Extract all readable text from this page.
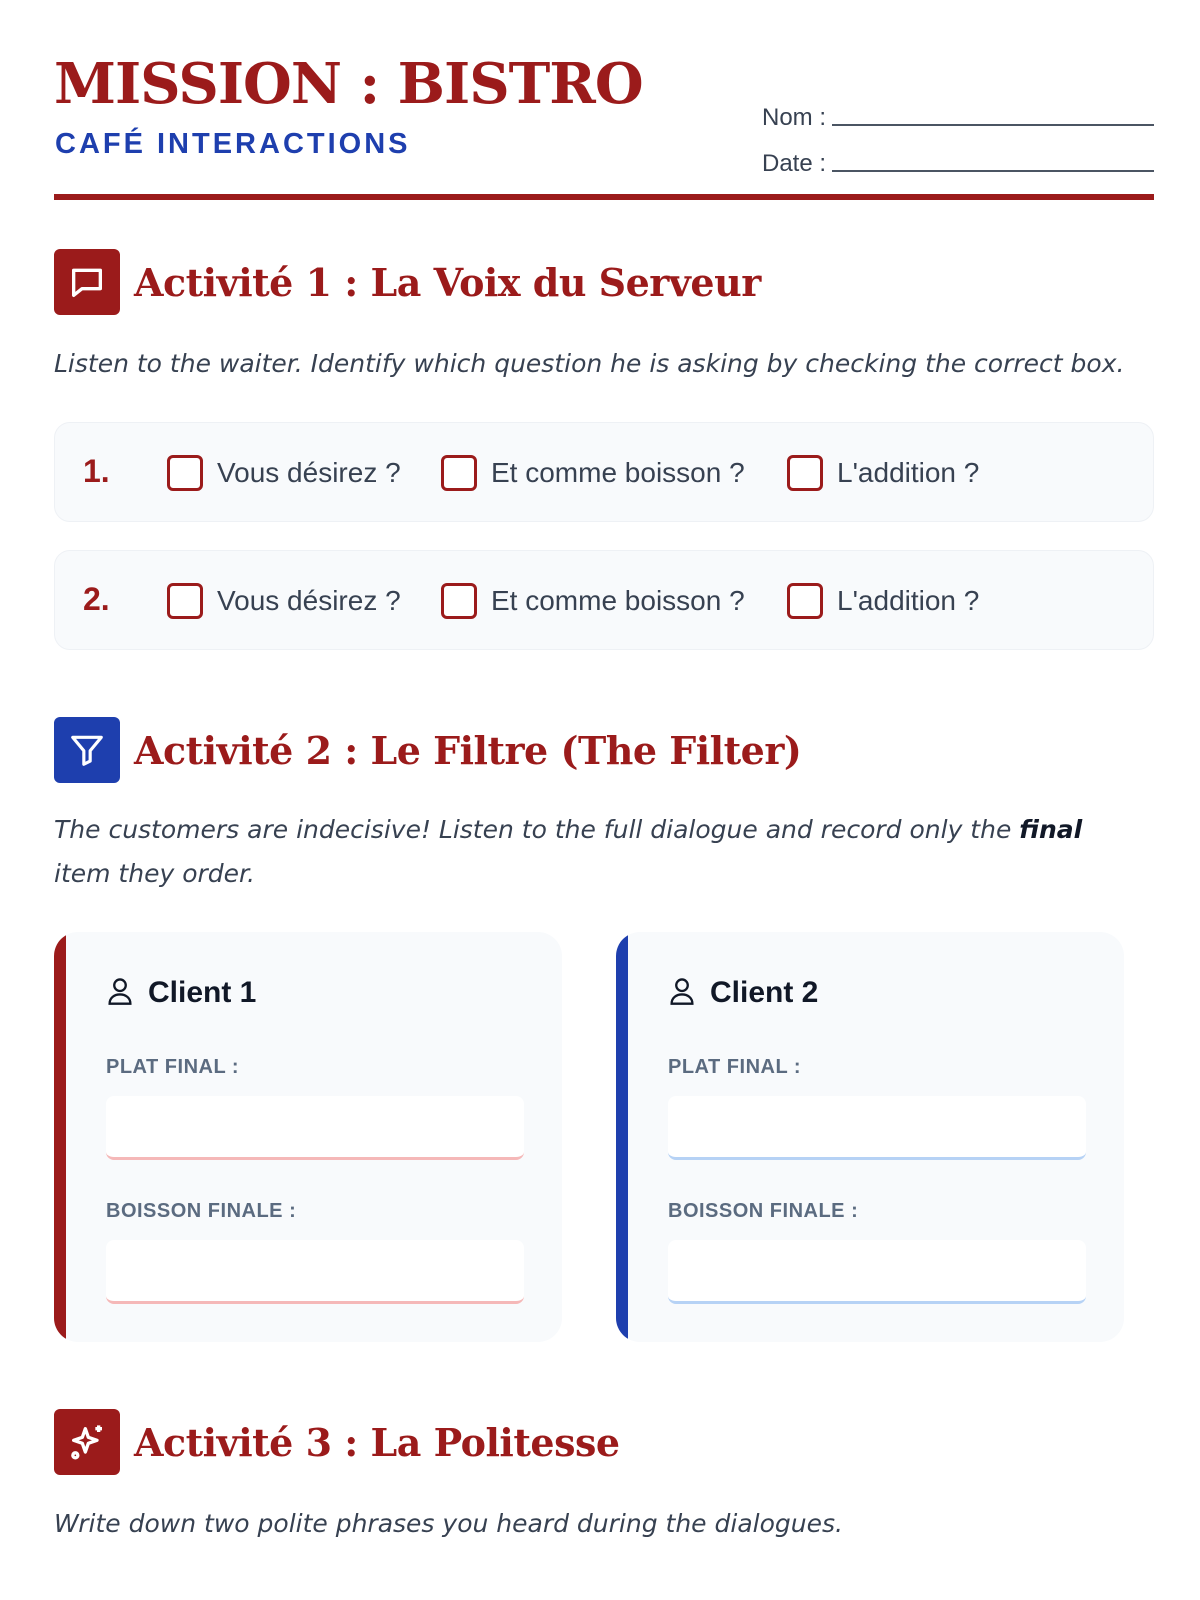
MISSION : BISTRO
CAFÉ INTERACTIONS
Nom :
Date :
Activité 1 : La Voix du Serveur
Listen to the waiter. Identify which question he is asking by checking the correct box.
1.	Vous désirez ?	Et comme boisson ?	L'addition ?
2.	Vous désirez ?	Et comme boisson ?	L'addition ?
Activité 2 : Le Filtre (The Filter)
The customers are indecisive! Listen to the full dialogue and record only the final item they order.
Client 1
PLAT FINAL :
BOISSON FINALE :
Client 2
PLAT FINAL :
BOISSON FINALE :
Activité 3 : La Politesse
Write down two polite phrases you heard during the dialogues.
